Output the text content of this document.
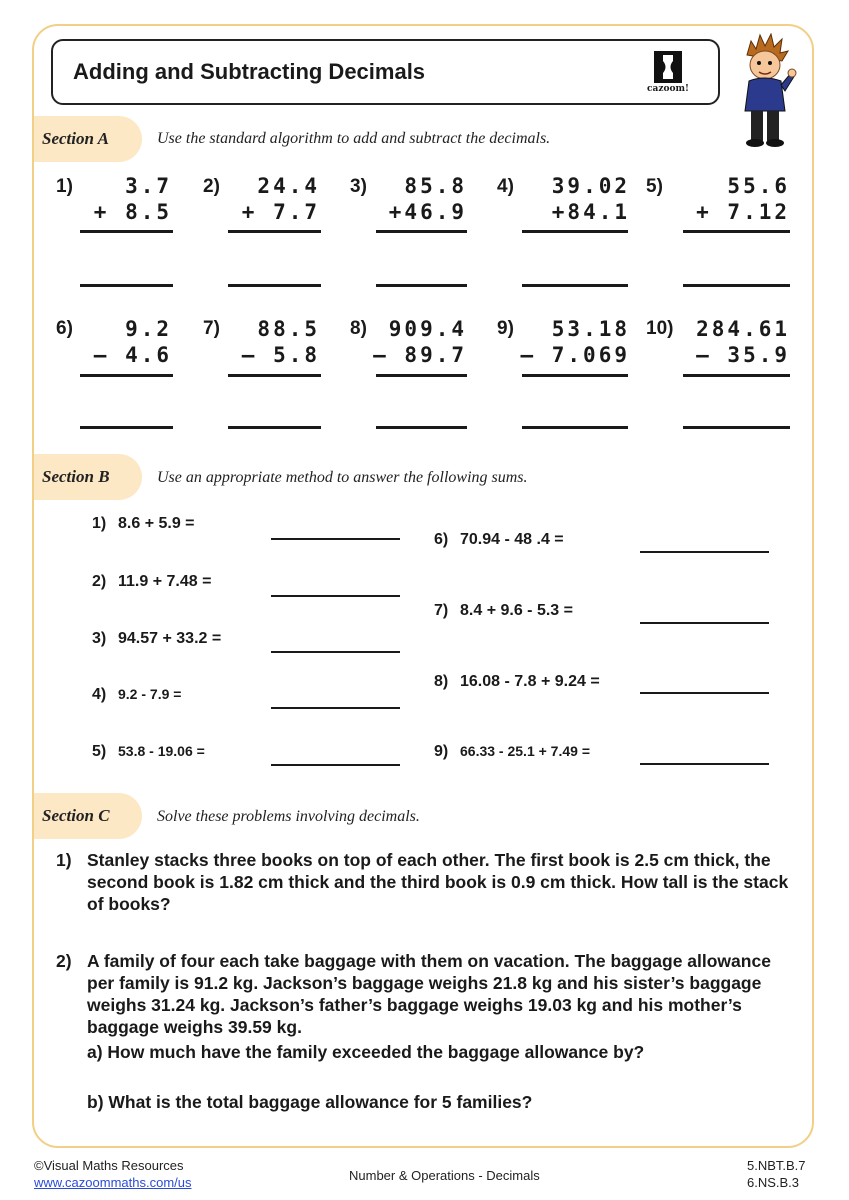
Adding and Subtracting Decimals
cazoom!
Section A	Use the standard algorithm to add and subtract the decimals.
1) 3.7
+ 8.5
2) 24.4
+ 7.7
3) 85.8
+46.9
4) 39.02
+84.1
5)	55.6
+ 7.12
6) 9.2
– 4.6
7) 88.5
– 5.8
8) 909.4
– 89.7
9) 53.18
– 7.069
10) 284.61
– 35.9
Section B	Use an appropriate method to answer the following sums.
1) 8.6 + 5.9 =
2) 11.9 + 7.48 =
3) 94.57 + 33.2 =
4) 9.2 - 7.9 =
5) 53.8 - 19.06 =
6) 70.94 - 48 .4 =
7) 8.4 + 9.6 - 5.3 =
8) 16.08 - 7.8 + 9.24 =
9) 66.33 - 25.1 + 7.49 =
Section C	Solve these problems involving decimals.
1) Stanley stacks three books on top of each other. The first book is 2.5 cm thick, the second book is 1.82 cm thick and the third book is 0.9 cm thick. How tall is the stack of books?
2) A family of four each take baggage with them on vacation. The baggage allowance per family is 91.2 kg. Jackson’s baggage weighs 21.8 kg and his sister’s baggage weighs 31.24 kg. Jackson’s father’s baggage weighs 19.03 kg and his mother’s baggage weighs 39.59 kg.
a) How much have the family exceeded the baggage allowance by?
b) What is the total baggage allowance for 5 families?
©Visual Maths Resources
www.cazoommaths.com/us	Number & Operations - Decimals
5.NBT.B.7
6.NS.B.3
